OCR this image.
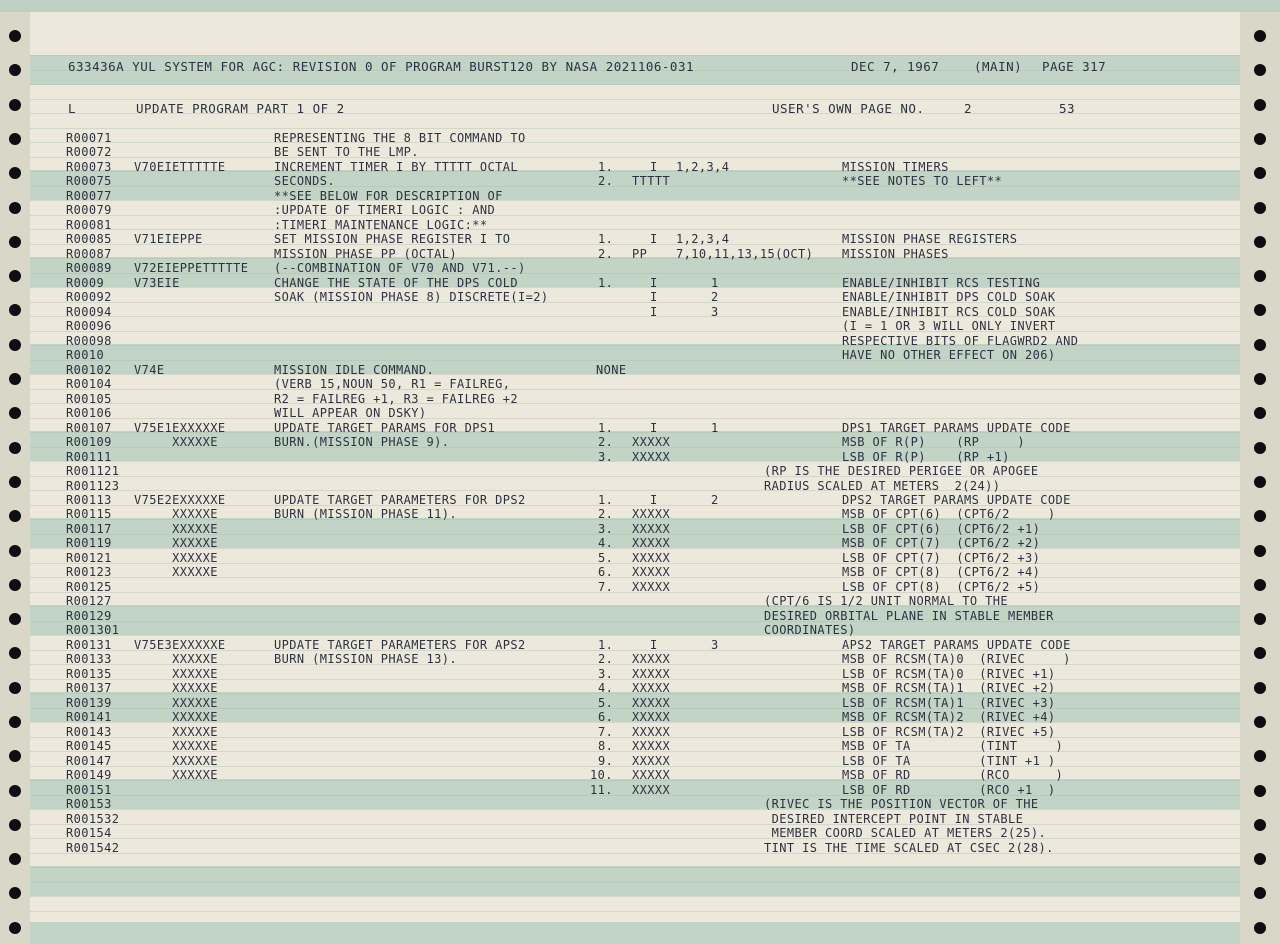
633436A YUL SYSTEM FOR AGC: REVISION 0 OF PROGRAM BURST120 BY NASA 2021106-031	DEC 7, 1967	(MAIN) PAGE 317
L	UPDATE PROGRAM PART 1 OF 2	USER'S OWN PAGE NO.	2	53
R00071	REPRESENTING THE 8 BIT COMMAND TO
R00072	BE SENT TO THE LMP.
R00073 V70EIETTTTTE	INCREMENT TIMER I BY TTTTT OCTAL	1.	I 1,2,3,4	MISSION TIMERS
R00075	SECONDS.	2. TTTTT	**SEE NOTES TO LEFT**
R00077	**SEE BELOW FOR DESCRIPTION OF
R00079	:UPDATE OF TIMERI LOGIC : AND
R00081	:TIMERI MAINTENANCE LOGIC:**
R00085 V71EIEPPE	SET MISSION PHASE REGISTER I TO	1.	I 1,2,3,4	MISSION PHASE REGISTERS
R00087	MISSION PHASE PP (OCTAL)	2. PP 7,10,11,13,15(OCT) MISSION PHASES
R00089 V72EIEPPETTTTTE (--COMBINATION OF V70 AND V71.--)
R0009 V73EIE	CHANGE THE STATE OF THE DPS COLD	1.	I	1	ENABLE/INHIBIT RCS TESTING
R00092	SOAK (MISSION PHASE 8) DISCRETE(I=2)	I	2	ENABLE/INHIBIT DPS COLD SOAK
R00094	I	3	ENABLE/INHIBIT RCS COLD SOAK
R00096	(I = 1 OR 3 WILL ONLY INVERT
R00098	RESPECTIVE BITS OF FLAGWRD2 AND
R0010	HAVE NO OTHER EFFECT ON 206)
R00102 V74E	MISSION IDLE COMMAND.	NONE
R00104	(VERB 15,NOUN 50, R1 = FAILREG,
R00105	R2 = FAILREG +1, R3 = FAILREG +2
R00106	WILL APPEAR ON DSKY)
R00107 V75E1EXXXXXE	UPDATE TARGET PARAMS FOR DPS1	1.	I	1	DPS1 TARGET PARAMS UPDATE CODE
R00109 XXXXXE	BURN.(MISSION PHASE 9).	2. XXXXX	MSB OF R(P)    (RP     )
R00111	3. XXXXX	LSB OF R(P)    (RP +1)
R001121	(RP IS THE DESIRED PERIGEE OR APOGEE
R001123	RADIUS SCALED AT METERS  2(24))
R00113 V75E2EXXXXXE	UPDATE TARGET PARAMETERS FOR DPS2	1.	I	2	DPS2 TARGET PARAMS UPDATE CODE
R00115 XXXXXE	BURN (MISSION PHASE 11).	2. XXXXX	MSB OF CPT(6)  (CPT6/2     )
R00117 XXXXXE	3. XXXXX	LSB OF CPT(6)  (CPT6/2 +1)
R00119 XXXXXE	4. XXXXX	MSB OF CPT(7)  (CPT6/2 +2)
R00121 XXXXXE	5. XXXXX	LSB OF CPT(7)  (CPT6/2 +3)
R00123 XXXXXE	6. XXXXX	MSB OF CPT(8)  (CPT6/2 +4)
R00125	7. XXXXX	LSB OF CPT(8)  (CPT6/2 +5)
R00127	(CPT/6 IS 1/2 UNIT NORMAL TO THE
R00129	DESIRED ORBITAL PLANE IN STABLE MEMBER
R001301	COORDINATES)
R00131 V75E3EXXXXXE	UPDATE TARGET PARAMETERS FOR APS2	1.	I	3	APS2 TARGET PARAMS UPDATE CODE
R00133 XXXXXE	BURN (MISSION PHASE 13).	2. XXXXX	MSB OF RCSM(TA)0  (RIVEC     )
R00135 XXXXXE	3. XXXXX	LSB OF RCSM(TA)0  (RIVEC +1)
R00137 XXXXXE	4. XXXXX	MSB OF RCSM(TA)1  (RIVEC +2)
R00139 XXXXXE	5. XXXXX	LSB OF RCSM(TA)1  (RIVEC +3)
R00141 XXXXXE	6. XXXXX	MSB OF RCSM(TA)2  (RIVEC +4)
R00143 XXXXXE	7. XXXXX	LSB OF RCSM(TA)2  (RIVEC +5)
R00145 XXXXXE	8. XXXXX	MSB OF TA         (TINT     )
R00147 XXXXXE	9. XXXXX	LSB OF TA         (TINT +1 )
R00149 XXXXXE	10. XXXXX	MSB OF RD         (RCO      )
R00151	11. XXXXX	LSB OF RD         (RCO +1  )
R00153	(RIVEC IS THE POSITION VECTOR OF THE
R001532	DESIRED INTERCEPT POINT IN STABLE
R00154	MEMBER COORD SCALED AT METERS 2(25).
R001542	TINT IS THE TIME SCALED AT CSEC 2(28).
